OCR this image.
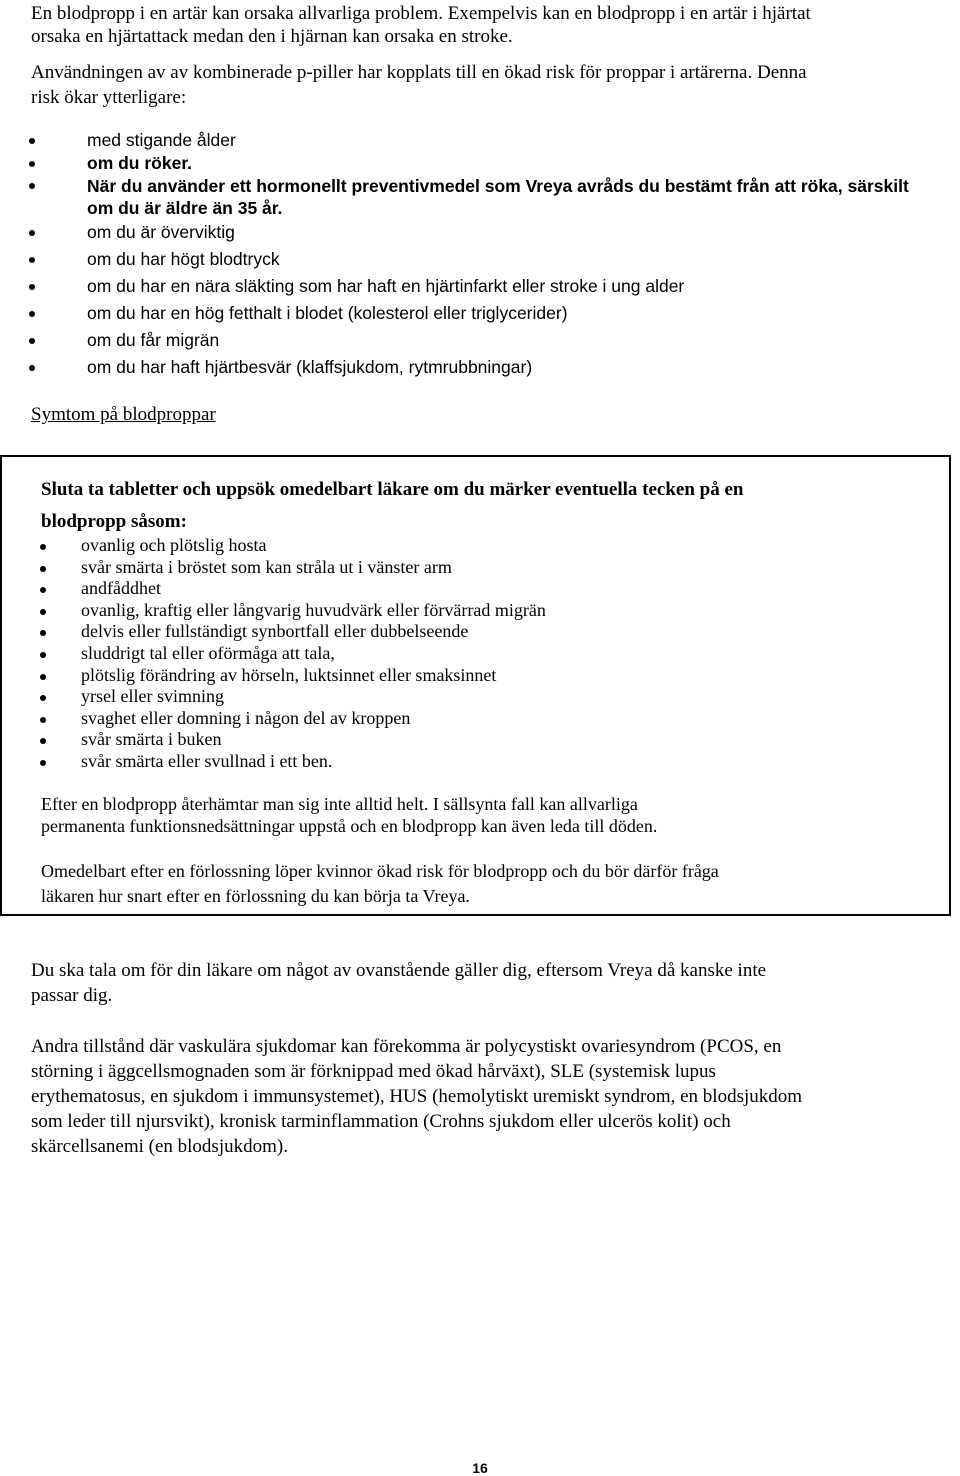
En blodpropp i en artär kan orsaka allvarliga problem. Exempelvis kan en blodpropp i en artär i hjärtat
orsaka en hjärtattack medan den i hjärnan kan orsaka en stroke.
Användningen av av kombinerade p-piller har kopplats till en ökad risk för proppar i artärerna. Denna
risk ökar ytterligare:
med stigande ålder
om du röker.
När du använder ett hormonellt preventivmedel som Vreya avråds du bestämt från att röka, särskilt om du är äldre än 35 år.
om du är överviktig
om du har högt blodtryck
om du har en nära släkting som har haft en hjärtinfarkt eller stroke i ung alder
om du har en hög fetthalt i blodet (kolesterol eller triglycerider)
om du får migrän
om du har haft hjärtbesvär (klaffsjukdom, rytmrubbningar)
Symtom på blodproppar
Sluta ta tabletter och uppsök omedelbart läkare om du märker eventuella tecken på en
blodpropp såsom:
ovanlig och plötslig hosta
svår smärta i bröstet som kan stråla ut i vänster arm
andfåddhet
ovanlig, kraftig eller långvarig huvudvärk eller förvärrad migrän
delvis eller fullständigt synbortfall eller dubbelseende
sluddrigt tal eller oförmåga att tala,
plötslig förändring av hörseln, luktsinnet eller smaksinnet
yrsel eller svimning
svaghet eller domning i någon del av kroppen
svår smärta i buken
svår smärta eller svullnad i ett ben.
Efter en blodpropp återhämtar man sig inte alltid helt. I sällsynta fall kan allvarliga
permanenta funktionsnedsättningar uppstå och en blodpropp kan även leda till döden.
Omedelbart efter en förlossning löper kvinnor ökad risk för blodpropp och du bör därför fråga
läkaren hur snart efter en förlossning du kan börja ta Vreya.
Du ska tala om för din läkare om något av ovanstående gäller dig, eftersom Vreya då kanske inte
passar dig.
Andra tillstånd där vaskulära sjukdomar kan förekomma är polycystiskt ovariesyndrom (PCOS, en
störning i äggcellsmognaden som är förknippad med ökad hårväxt), SLE (systemisk lupus
erythematosus, en sjukdom i immunsystemet), HUS (hemolytiskt uremiskt syndrom, en blodsjukdom
som leder till njursvikt), kronisk tarminflammation (Crohns sjukdom eller ulcerös kolit) och
skärcellsanemi (en blodsjukdom).
16
